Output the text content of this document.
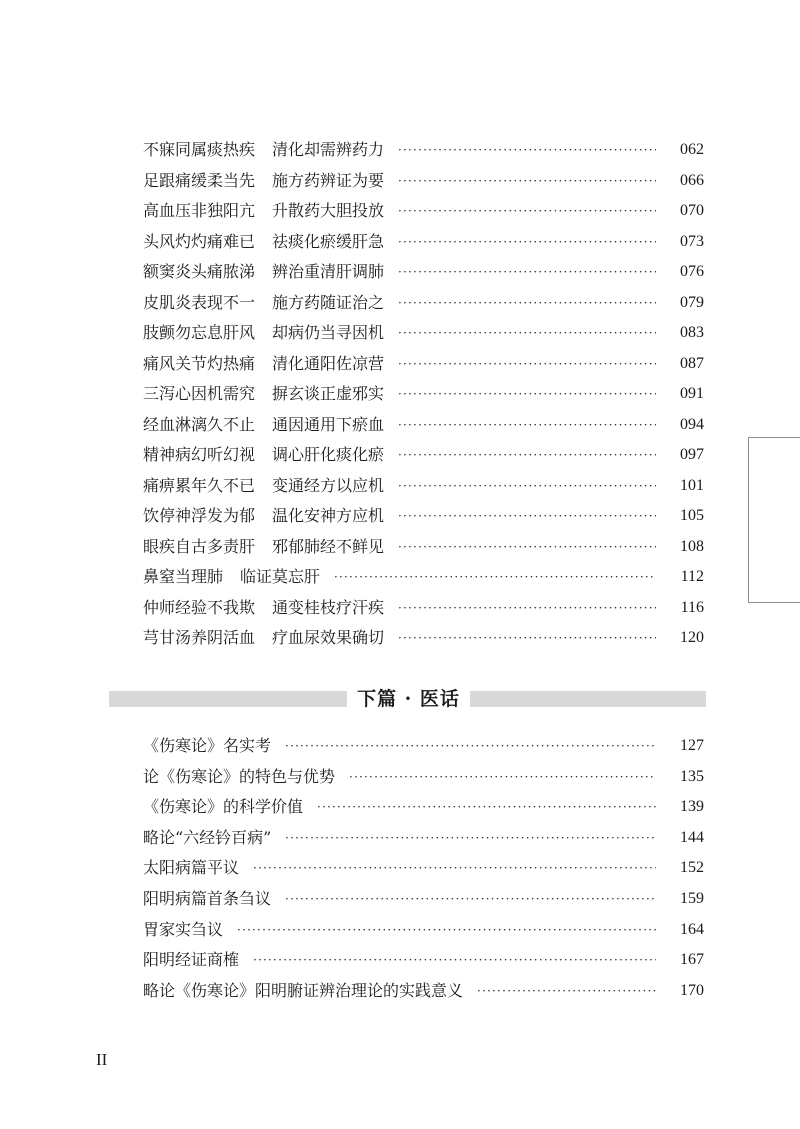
不寐同属痰热疾 清化却需辨药力 ·····	062
足跟痛缓柔当先 施方药辨证为要 ·····	066
高血压非独阳亢 升散药大胆投放 ·····	070
头风灼灼痛难已 祛痰化瘀缓肝急 ·····	073
额窦炎头痛脓涕 辨治重清肝调肺 ·····	076
皮肌炎表现不一 施方药随证治之 ·····	079
肢颤勿忘息肝风 却病仍当寻因机 ·····	083
痛风关节灼热痛 清化通阳佐凉营 ·····	087
三泻心因机需究 摒玄谈正虚邪实 ·····	091
经血淋漓久不止 通因通用下瘀血 ·····	094
精神病幻听幻视 调心肝化痰化瘀 ·····	097
痛痹累年久不已 变通经方以应机 ·····	101
饮停神浮发为郁 温化安神方应机 ·····	105
眼疾自古多责肝 邪郁肺经不鲜见 ·····	108
鼻窒当理肺 临证莫忘肝 ·····	112
仲师经验不我欺 通变桂枝疗汗疾 ·····	116
芎甘汤养阴活血 疗血尿效果确切 ·····	120
下篇 · 医话
《伤寒论》名实考 ·····	127
论《伤寒论》的特色与优势 ·····	135
《伤寒论》的科学价值 ·····	139
略论“六经钤百病” ·····	144
太阳病篇平议 ·····	152
阳明病篇首条刍议 ·····	159
胃家实刍议 ·····	164
阳明经证商榷 ·····	167
略论《伤寒论》阳明腑证辨治理论的实践意义 ·····	170
II
